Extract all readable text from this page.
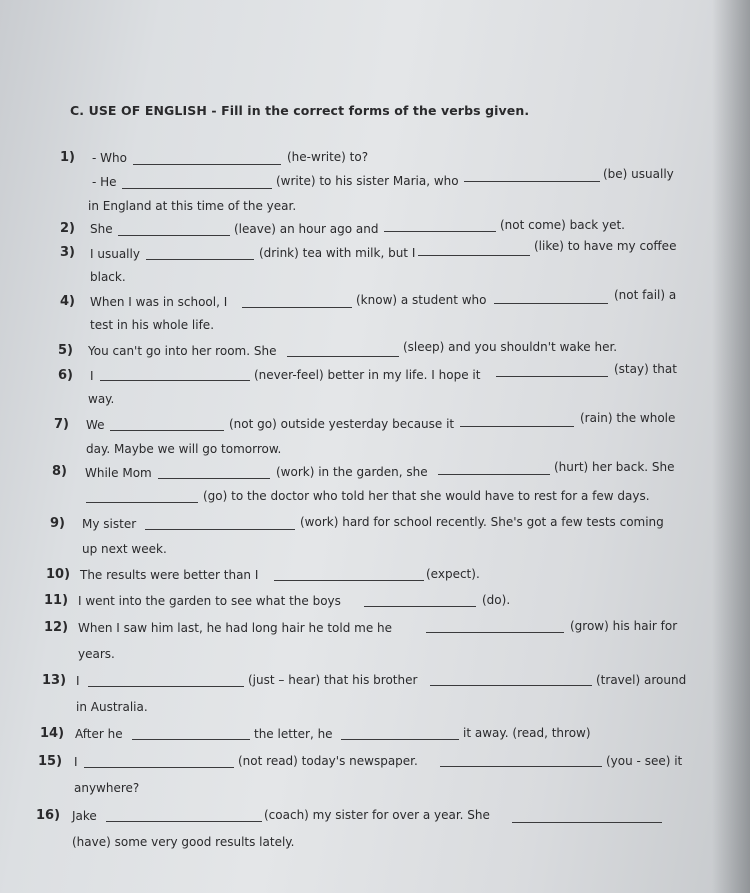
C. USE OF ENGLISH - Fill in the correct forms of the verbs given.
1) - Who	(he-write) to?
- He	(write) to his sister Maria, who	(be) usually
in England at this time of the year.
2) She	(leave) an hour ago and	(not come) back yet.
3) I usually	(drink) tea with milk, but I	(like) to have my coffee
black.
4) When I was in school, I	(know) a student who	(not fail) a
test in his whole life.
5) You can't go into her room. She	(sleep) and you shouldn't wake her.
6) I	(never-feel) better in my life. I hope it	(stay) that
way.
7) We	(not go) outside yesterday because it	(rain) the whole
day. Maybe we will go tomorrow.
8) While Mom	(work) in the garden, she	(hurt) her back. She
(go) to the doctor who told her that she would have to rest for a few days.
9) My sister	(work) hard for school recently. She's got a few tests coming
up next week.
10) The results were better than I	(expect).
11) I went into the garden to see what the boys	(do).
12) When I saw him last, he had long hair he told me he	(grow) his hair for
years.
13) I	(just – hear) that his brother	(travel) around
in Australia.
14) After he	the letter, he	it away. (read, throw)
15) I	(not read) today's newspaper.	(you - see) it
anywhere?
16) Jake	(coach) my sister for over a year. She
(have) some very good results lately.
